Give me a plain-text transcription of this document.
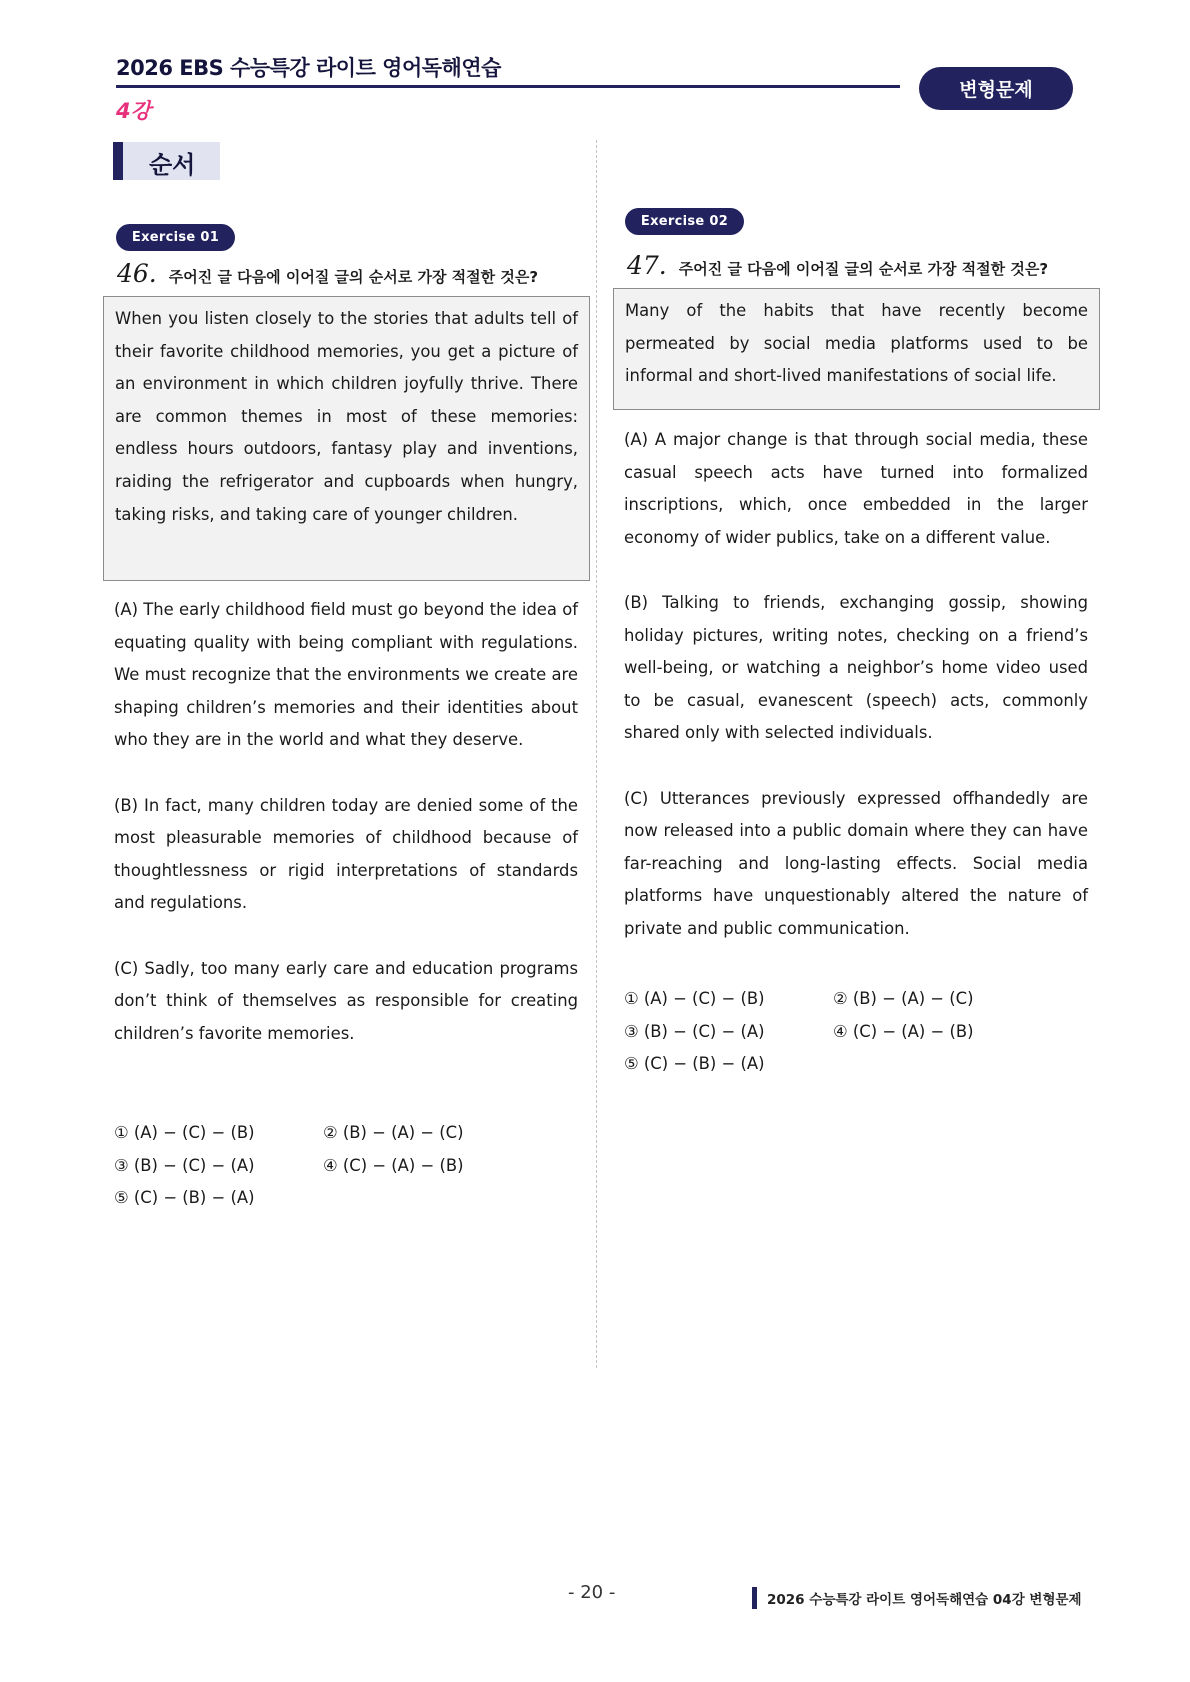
2026 EBS 수능특강 라이트 영어독해연습
4강
변형문제
순서
Exercise 01
46. 주어진 글 다음에 이어질 글의 순서로 가장 적절한 것은?

When you listen closely to the stories that adults tell of their favorite childhood memories, you get a picture of an environment in which children joyfully thrive. There are common themes in most of these memories: endless hours outdoors, fantasy play and inventions, raiding the refrigerator and cupboards when hungry, taking risks, and taking care of younger children.

(A) The early childhood field must go beyond the idea of equating quality with being compliant with regulations. We must recognize that the environments we create are shaping children’s memories and their identities about who they are in the world and what they deserve.

(B) In fact, many children today are denied some of the most pleasurable memories of childhood because of thoughtlessness or rigid interpretations of standards and regulations.

(C) Sadly, too many early care and education programs don’t think of themselves as responsible for creating children’s favorite memories.

① (A) − (C) − (B)	② (B) − (A) − (C)
③ (B) − (C) − (A)	④ (C) − (A) − (B)
⑤ (C) − (B) − (A)
Exercise 02
47. 주어진 글 다음에 이어질 글의 순서로 가장 적절한 것은?

Many of the habits that have recently become permeated by social media platforms used to be informal and short-lived manifestations of social life.

(A) A major change is that through social media, these casual speech acts have turned into formalized inscriptions, which, once embedded in the larger economy of wider publics, take on a different value.

(B) Talking to friends, exchanging gossip, showing holiday pictures, writing notes, checking on a friend’s well-being, or watching a neighbor’s home video used to be casual, evanescent (speech) acts, commonly shared only with selected individuals.

(C) Utterances previously expressed offhandedly are now released into a public domain where they can have far-reaching and long-lasting effects. Social media platforms have unquestionably altered the nature of private and public communication.

① (A) − (C) − (B)	② (B) − (A) − (C)
③ (B) − (C) − (A)	④ (C) − (A) − (B)
⑤ (C) − (B) − (A)
- 20 -	2026 수능특강 라이트 영어독해연습 04강 변형문제
